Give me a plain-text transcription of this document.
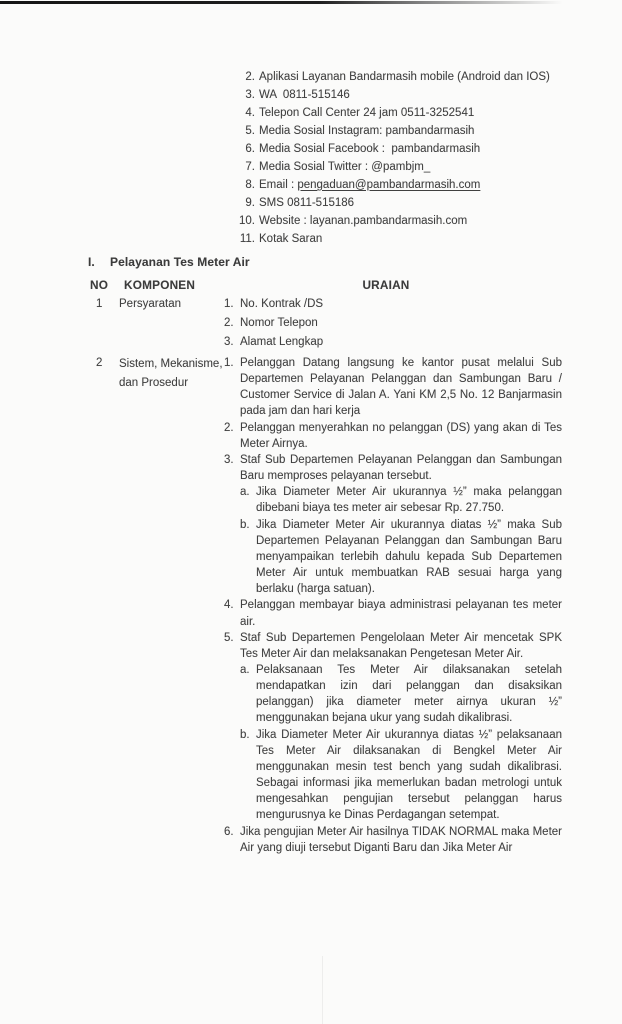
2. Aplikasi Layanan Bandarmasih mobile (Android dan IOS)
3. WA  0811-515146
4. Telepon Call Center 24 jam 0511-3252541
5. Media Sosial Instagram: pambandarmasih
6. Media Sosial Facebook :  pambandarmasih
7. Media Sosial Twitter : @pambjm_
8. Email : pengaduan@pambandarmasih.com
9. SMS 0811-515186
10. Website : layanan.pambandarmasih.com
11. Kotak Saran
I.	Pelayanan Tes Meter Air
NO	KOMPONEN	URAIAN
1	Persyaratan	1. No. Kontrak /DS
2. Nomor Telepon
3. Alamat Lengkap
2	Sistem, Mekanisme, dan Prosedur
1. Pelanggan Datang langsung ke kantor pusat melalui Sub Departemen Pelayanan Pelanggan dan Sambungan Baru / Customer Service di Jalan A. Yani KM 2,5 No. 12 Banjarmasin pada jam dan hari kerja
2. Pelanggan menyerahkan no pelanggan (DS) yang akan di Tes Meter Airnya.
3. Staf Sub Departemen Pelayanan Pelanggan dan Sambungan Baru memproses pelayanan tersebut.
a. Jika Diameter Meter Air ukurannya ½” maka pelanggan dibebani biaya tes meter air sebesar Rp. 27.750.
b. Jika Diameter Meter Air ukurannya diatas ½” maka Sub Departemen Pelayanan Pelanggan dan Sambungan Baru menyampaikan terlebih dahulu kepada Sub Departemen Meter Air untuk membuatkan RAB sesuai harga yang berlaku (harga satuan).
4. Pelanggan membayar biaya administrasi pelayanan tes meter air.
5. Staf Sub Departemen Pengelolaan Meter Air mencetak SPK Tes Meter Air dan melaksanakan Pengetesan Meter Air.
a. Pelaksanaan Tes Meter Air dilaksanakan setelah mendapatkan izin dari pelanggan dan disaksikan pelanggan) jika diameter meter airnya ukuran ½” menggunakan bejana ukur yang sudah dikalibrasi.
b. Jika Diameter Meter Air ukurannya diatas ½” pelaksanaan Tes Meter Air dilaksanakan di Bengkel Meter Air menggunakan mesin test bench yang sudah dikalibrasi. Sebagai informasi jika memerlukan badan metrologi untuk mengesahkan pengujian tersebut pelanggan harus mengurusnya ke Dinas Perdagangan setempat.
6. Jika pengujian Meter Air hasilnya TIDAK NORMAL maka Meter Air yang diuji tersebut Diganti Baru dan Jika Meter Air
